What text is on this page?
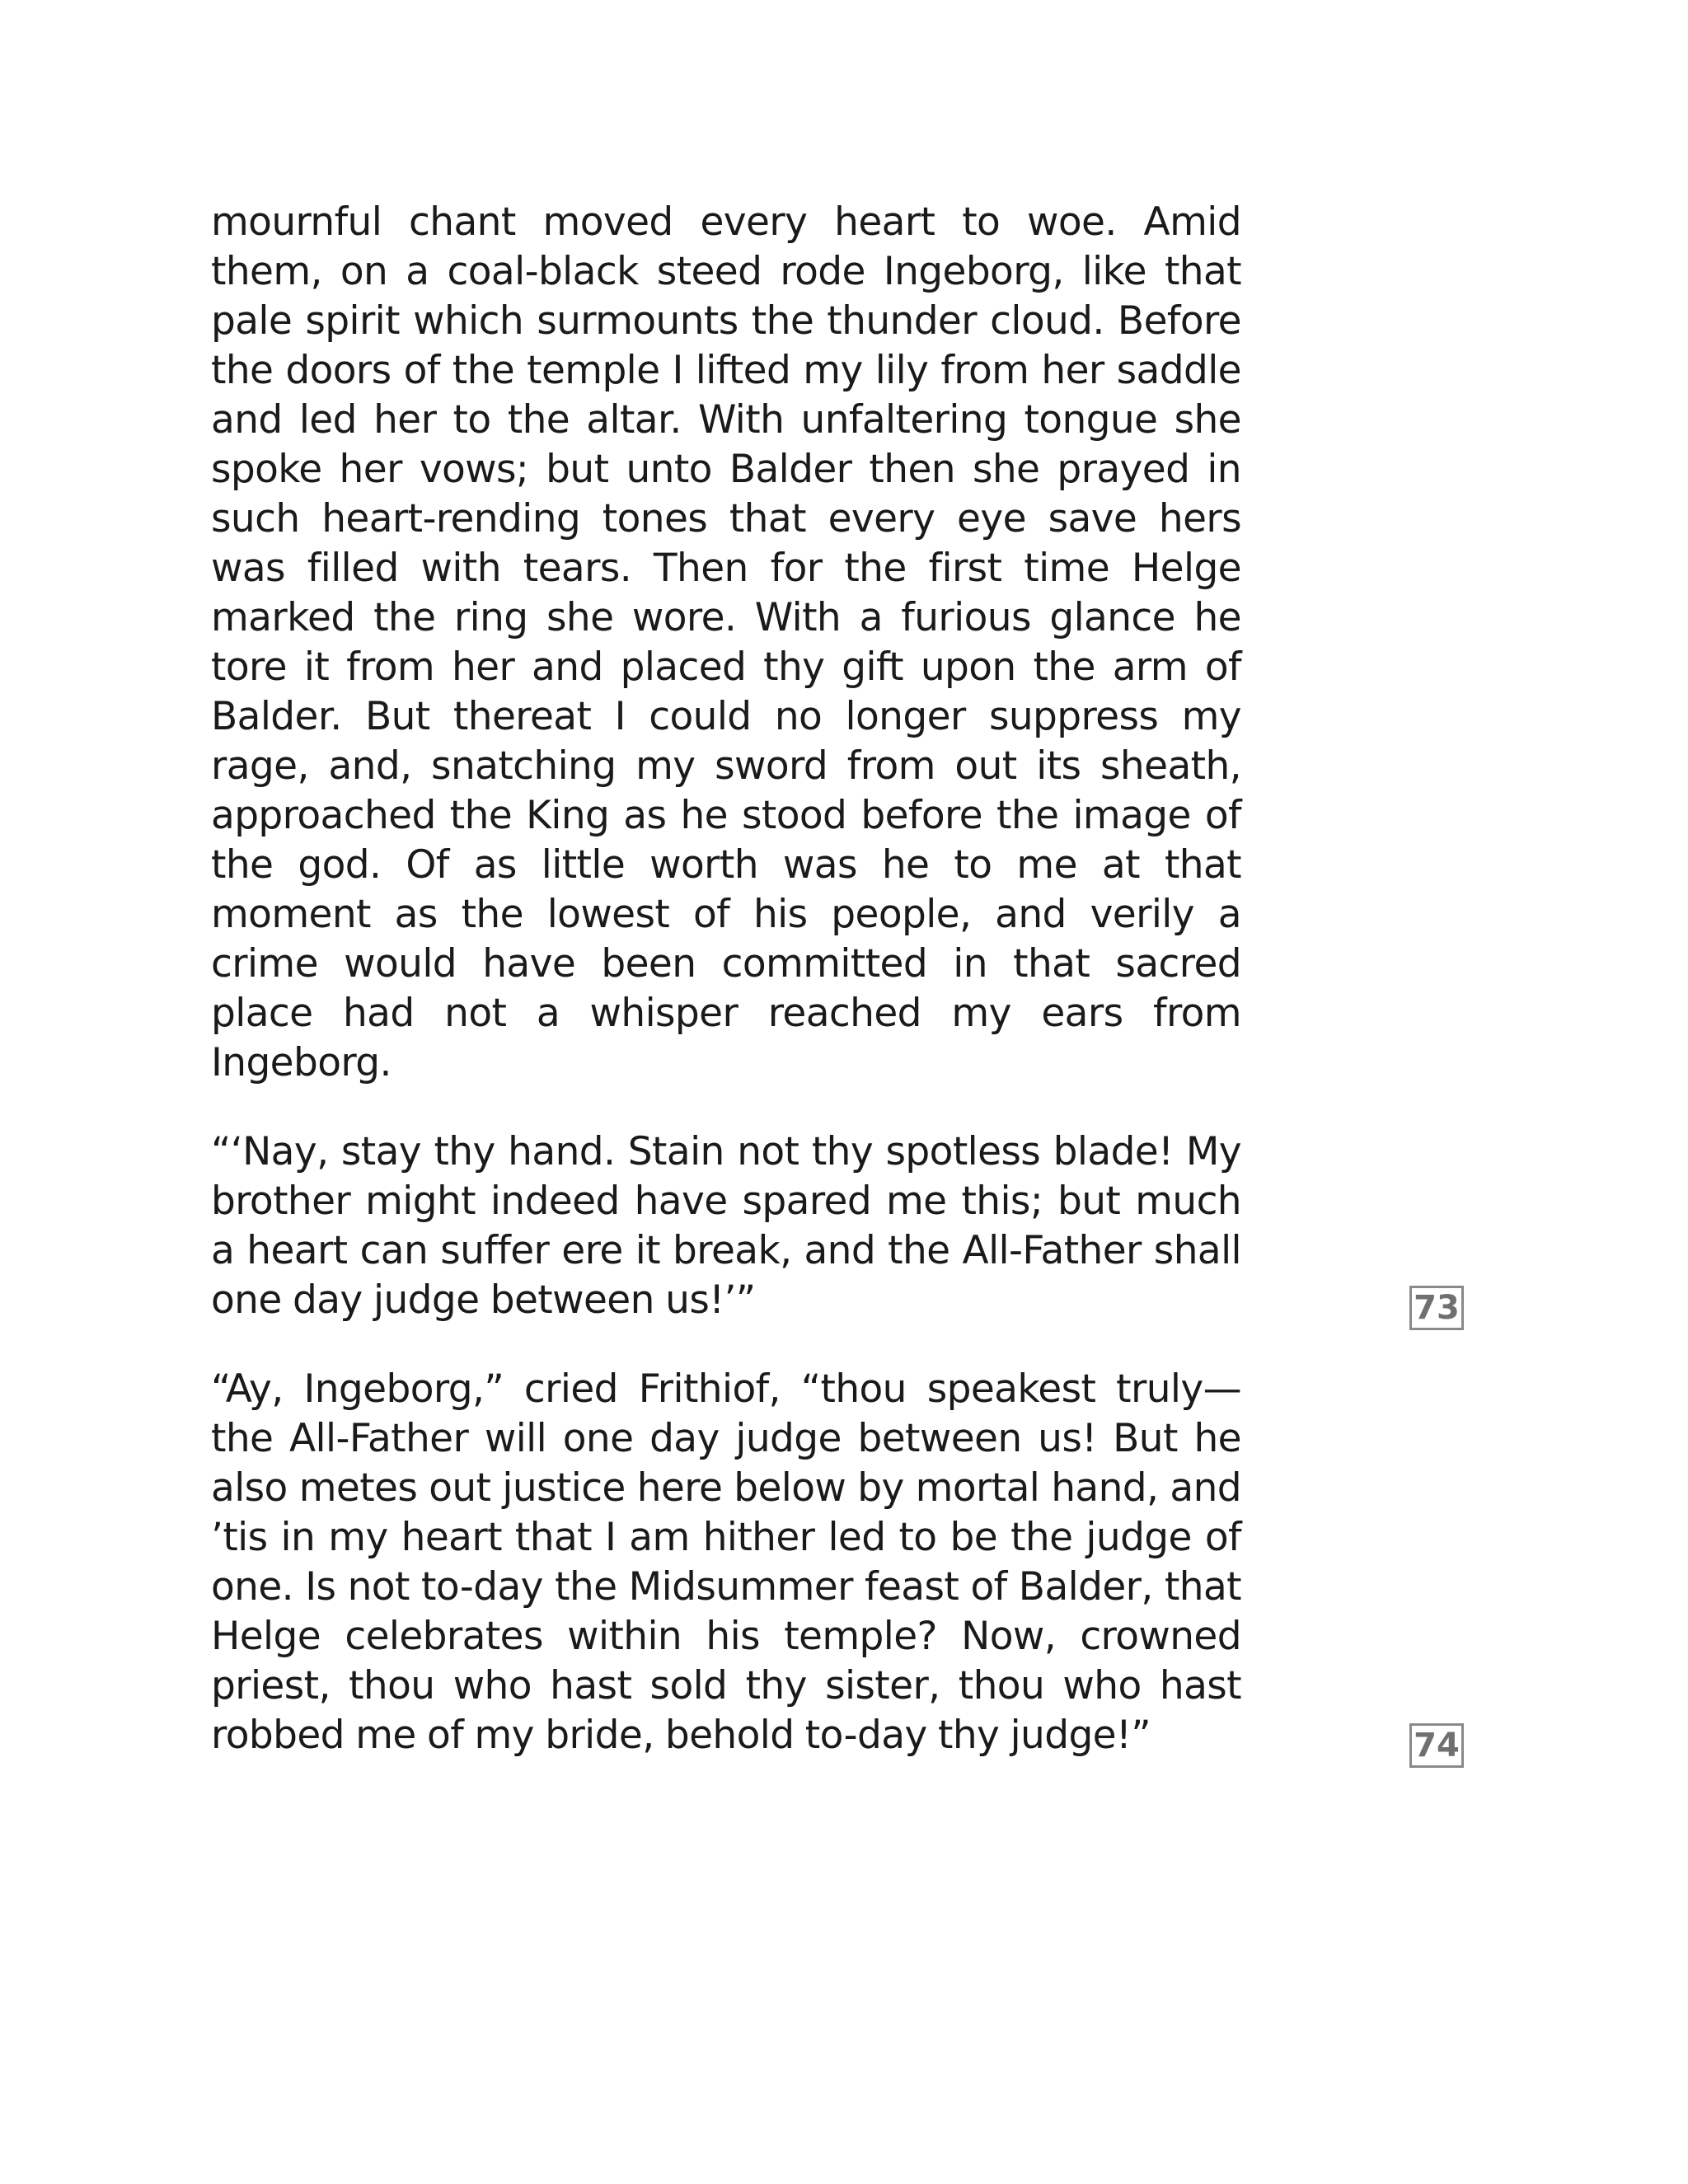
mournful chant moved every heart to woe. Amid them, on a coal-black steed rode Ingeborg, like that pale spirit which surmounts the thunder cloud. Before the doors of the temple I lifted my lily from her saddle and led her to the altar. With unfaltering tongue she spoke her vows; but unto Balder then she prayed in such heart-rending tones that every eye save hers was filled with tears. Then for the first time Helge marked the ring she wore. With a furious glance he tore it from her and placed thy gift upon the arm of Balder. But thereat I could no longer suppress my rage, and, snatching my sword from out its sheath, approached the King as he stood before the image of the god. Of as little worth was he to me at that moment as the lowest of his people, and verily a crime would have been committed in that sacred place had not a whisper reached my ears from Ingeborg.

“‘Nay, stay thy hand. Stain not thy spotless blade! My brother might indeed have spared me this; but much a heart can suffer ere it break, and the All-Father shall one day judge between us!’”

“Ay, Ingeborg,” cried Frithiof, “thou speakest truly—the All-Father will one day judge between us! But he also metes out justice here below by mortal hand, and ’tis in my heart that I am hither led to be the judge of one. Is not to-day the Midsummer feast of Balder, that Helge celebrates within his temple? Now, crowned priest, thou who hast sold thy sister, thou who hast robbed me of my bride, behold to-day thy judge!”

73
74
